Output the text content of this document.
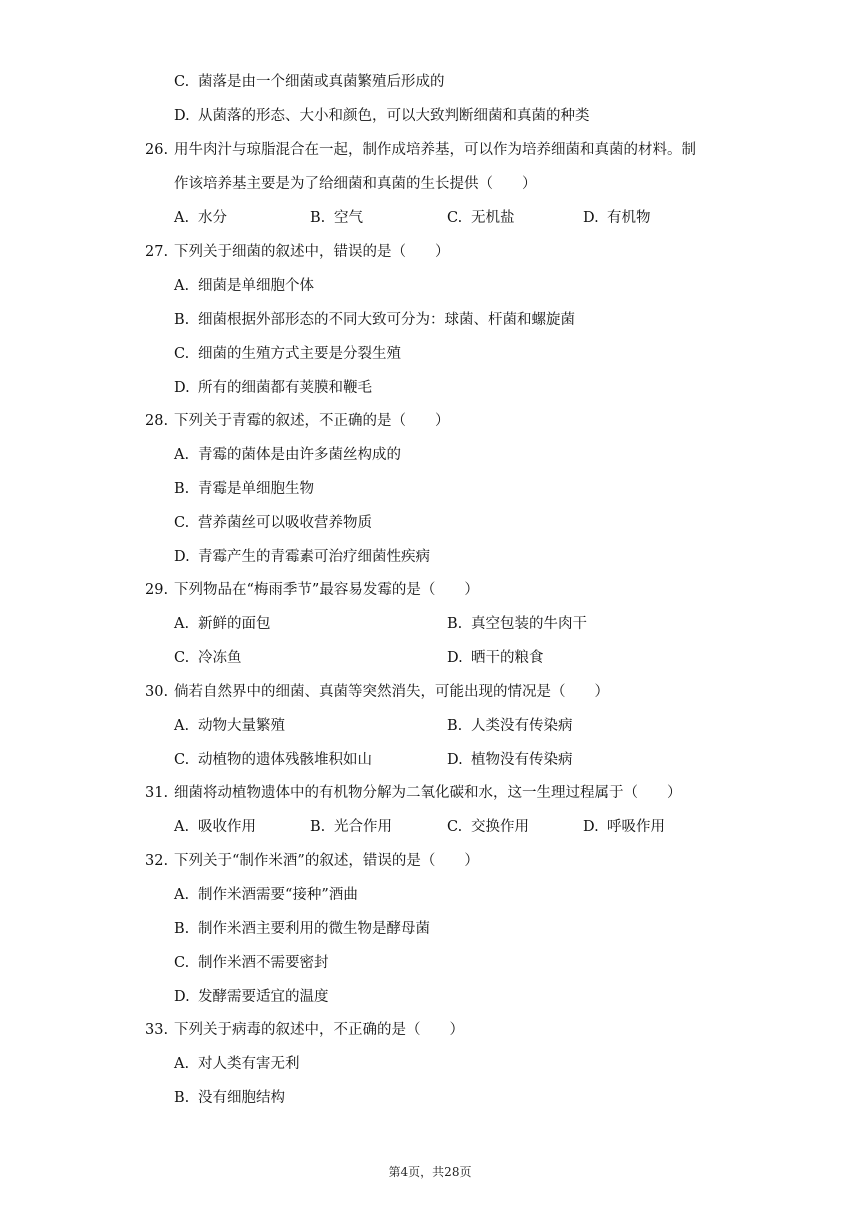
C. 菌落是由一个细菌或真菌繁殖后形成的
D. 从菌落的形态、大小和颜色，可以大致判断细菌和真菌的种类
26. 用牛肉汁与琼脂混合在一起，制作成培养基，可以作为培养细菌和真菌的材料。制
作该培养基主要是为了给细菌和真菌的生长提供（　　）
A. 水分	B. 空气	C. 无机盐	D. 有机物
27. 下列关于细菌的叙述中，错误的是（　　）
A. 细菌是单细胞个体
B. 细菌根据外部形态的不同大致可分为：球菌、杆菌和螺旋菌
C. 细菌的生殖方式主要是分裂生殖
D. 所有的细菌都有荚膜和鞭毛
28. 下列关于青霉的叙述，不正确的是（　　）
A. 青霉的菌体是由许多菌丝构成的
B. 青霉是单细胞生物
C. 营养菌丝可以吸收营养物质
D. 青霉产生的青霉素可治疗细菌性疾病
29. 下列物品在“梅雨季节”最容易发霉的是（　　）
A. 新鲜的面包	B. 真空包装的牛肉干
C. 冷冻鱼	D. 晒干的粮食
30. 倘若自然界中的细菌、真菌等突然消失，可能出现的情况是（　　）
A. 动物大量繁殖	B. 人类没有传染病
C. 动植物的遗体残骸堆积如山	D. 植物没有传染病
31. 细菌将动植物遗体中的有机物分解为二氧化碳和水，这一生理过程属于（　　）
A. 吸收作用	B. 光合作用	C. 交换作用	D. 呼吸作用
32. 下列关于“制作米酒”的叙述，错误的是（　　）
A. 制作米酒需要“接种”酒曲
B. 制作米酒主要利用的微生物是酵母菌
C. 制作米酒不需要密封
D. 发酵需要适宜的温度
33. 下列关于病毒的叙述中，不正确的是（　　）
A. 对人类有害无利
B. 没有细胞结构
第4页，共28页
